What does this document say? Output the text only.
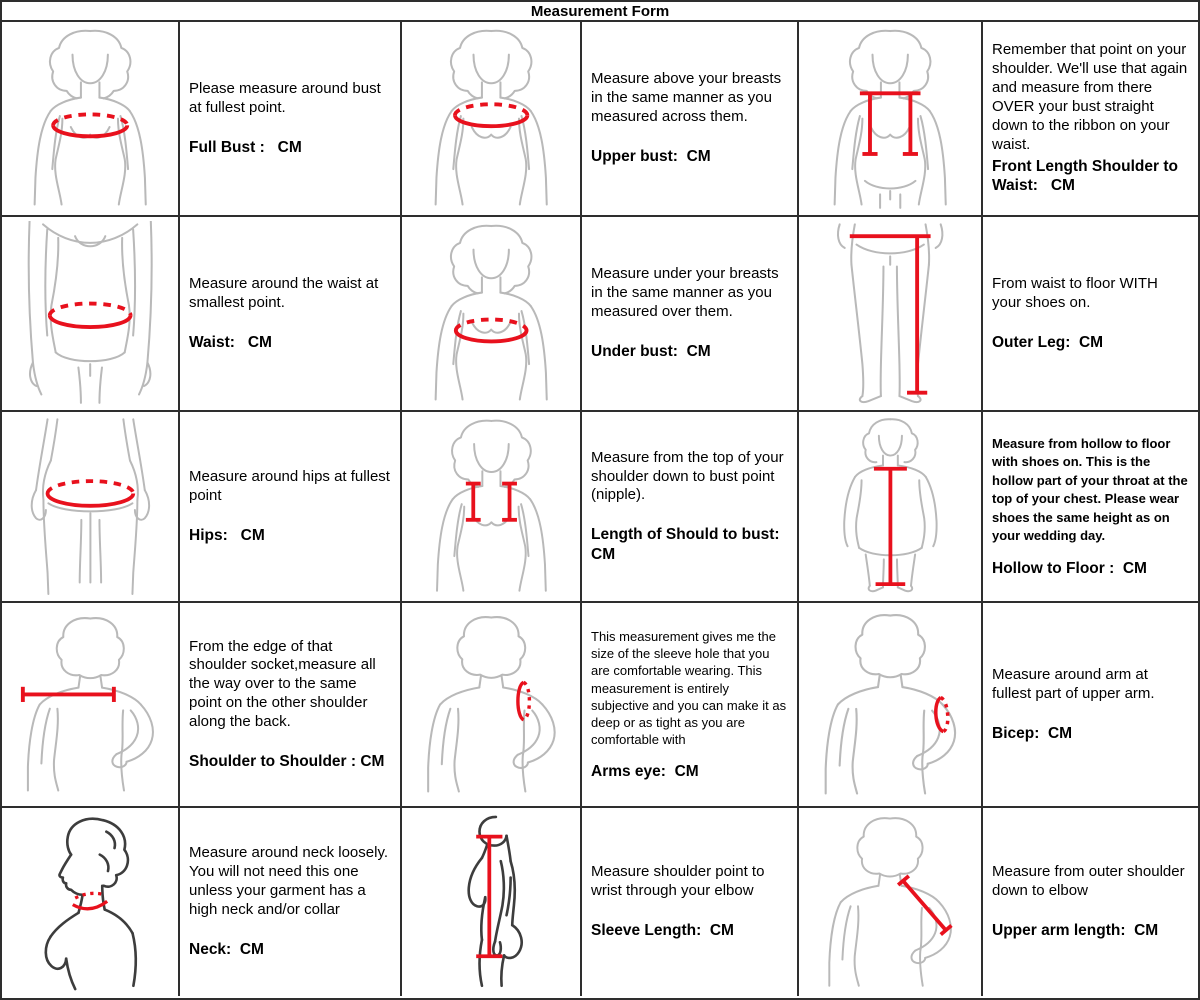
Measurement Form
Please measure around bust at fullest point.
Full Bust :   CM
Measure above your breasts in the same manner as you measured across them.
Upper bust:  CM
Remember that point on your shoulder. We'll use that again and measure from there OVER your bust straight down to the ribbon on your waist.
Front Length Shoulder to Waist:   CM
Measure around the waist at smallest point.
Waist:   CM
Measure under your breasts in the same manner as you measured over them.
Under bust:  CM
From waist to floor WITH your shoes on.
Outer Leg:  CM
Measure around hips at fullest point
Hips:   CM
Measure from the top of your shoulder down to bust point (nipple).
Length of Should to bust:  CM
Measure from hollow to floor with shoes on. This is the hollow part of your throat at the top of your chest. Please wear shoes the same height as on your wedding day.
Hollow to Floor :  CM
From the edge of that shoulder socket,measure all the way over to the same point on the other shoulder along the back.
Shoulder to Shoulder : CM
This measurement gives me the size of the sleeve hole that you are comfortable wearing. This measurement is entirely subjective and you can make it as deep or as tight as you are comfortable with
Arms eye:  CM
Measure around arm at fullest part of upper arm.
Bicep:  CM
Measure around neck loosely. You will not need this one unless your garment has a high neck and/or collar
Neck:  CM
Measure shoulder point to wrist through your elbow
Sleeve Length:  CM
Measure from outer shoulder down to elbow
Upper arm length:  CM
